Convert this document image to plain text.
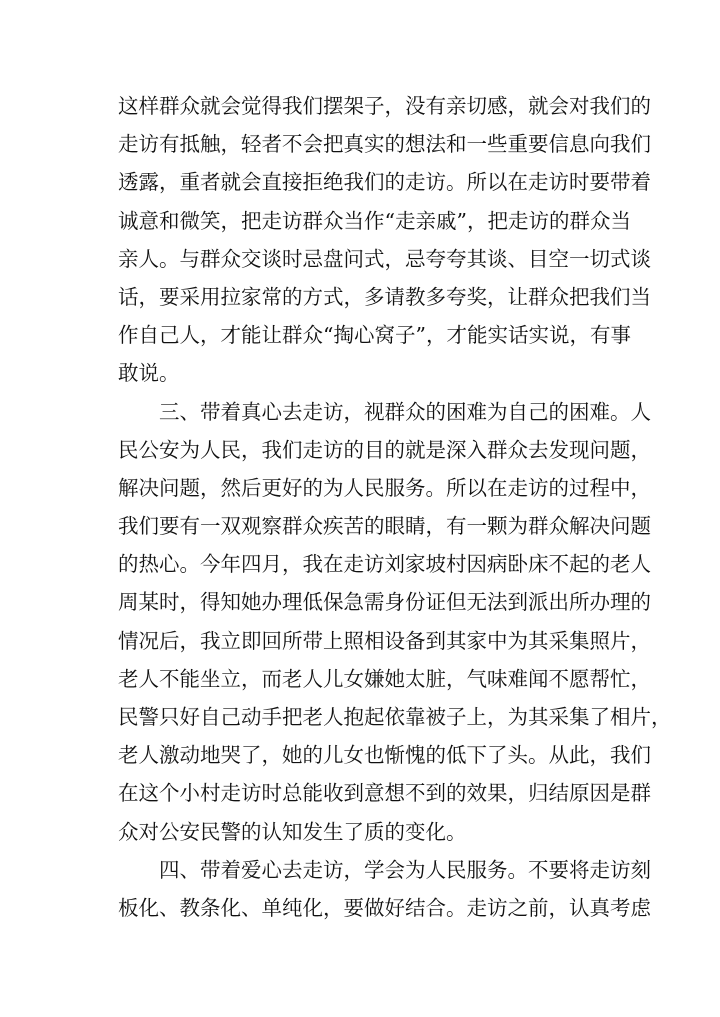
这样群众就会觉得我们摆架子，没有亲切感，就会对我们的
走访有抵触，轻者不会把真实的想法和一些重要信息向我们
透露，重者就会直接拒绝我们的走访。所以在走访时要带着
诚意和微笑，把走访群众当作“走亲戚”，把走访的群众当
亲人。与群众交谈时忌盘问式，忌夸夸其谈、目空一切式谈
话，要采用拉家常的方式，多请教多夸奖，让群众把我们当
作自己人，才能让群众“掏心窝子”，才能实话实说，有事
敢说。
　　三、带着真心去走访，视群众的困难为自己的困难。人
民公安为人民，我们走访的目的就是深入群众去发现问题，
解决问题，然后更好的为人民服务。所以在走访的过程中，
我们要有一双观察群众疾苦的眼睛，有一颗为群众解决问题
的热心。今年四月，我在走访刘家坡村因病卧床不起的老人
周某时，得知她办理低保急需身份证但无法到派出所办理的
情况后，我立即回所带上照相设备到其家中为其采集照片，
老人不能坐立，而老人儿女嫌她太脏，气味难闻不愿帮忙，
民警只好自己动手把老人抱起依靠被子上，为其采集了相片，
老人激动地哭了，她的儿女也惭愧的低下了头。从此，我们
在这个小村走访时总能收到意想不到的效果，归结原因是群
众对公安民警的认知发生了质的变化。
　　四、带着爱心去走访，学会为人民服务。不要将走访刻
板化、教条化、单纯化，要做好结合。走访之前，认真考虑
